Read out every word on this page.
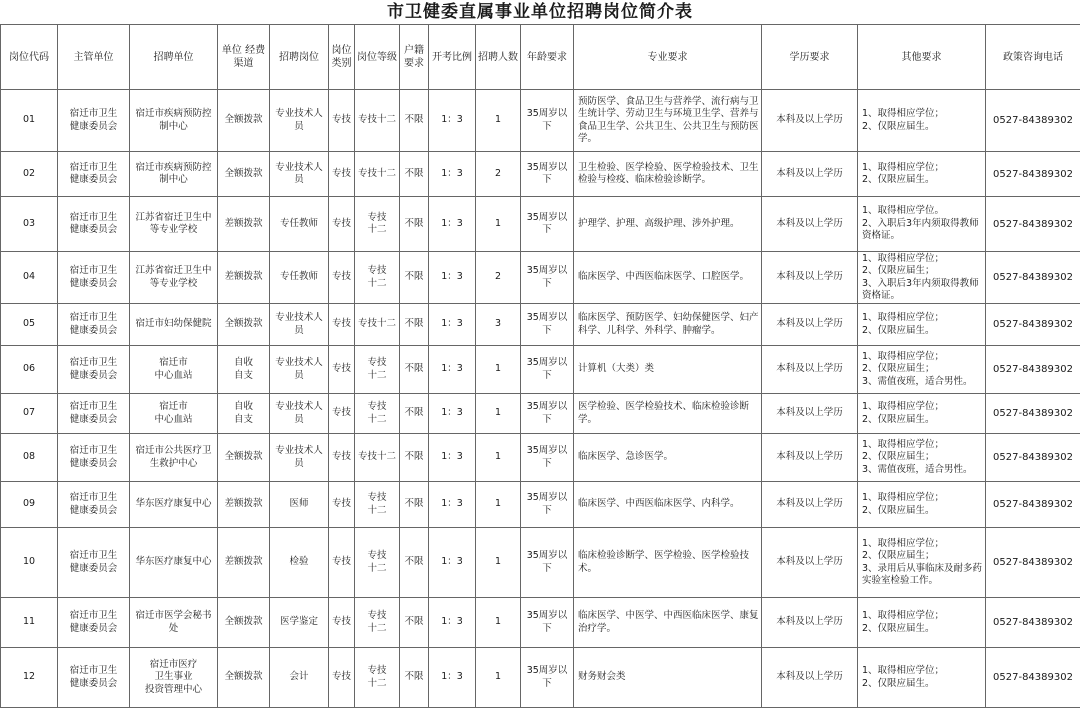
市卫健委直属事业单位招聘岗位简介表
岗位代码	主管单位	招聘单位	单位 经费渠道	招聘岗位	岗位 类别	岗位等级	户籍 要求	开考比例	招聘人数	年龄要求	专业要求	学历要求	其他要求	政策咨询电话
01	宿迁市卫生
健康委员会	宿迁市疾病预防控
制中心	全额拨款	专业技术人员	专技	专技十二	不限	1：3	1	35周岁以下	预防医学、食品卫生与营养学、流行病与卫生统计学、劳动卫生与环境卫生学、营养与食品卫生学、公共卫生、公共卫生与预防医学。	本科及以上学历	1、取得相应学位；
2、仅限应届生。	0527-84389302
02	宿迁市卫生
健康委员会	宿迁市疾病预防控
制中心	全额拨款	专业技术人员	专技	专技十二	不限	1：3	2	35周岁以下	卫生检验、医学检验、医学检验技术、卫生检验与检疫、临床检验诊断学。	本科及以上学历	1、取得相应学位；
2、仅限应届生。	0527-84389302
03	宿迁市卫生
健康委员会	江苏省宿迁卫生中
等专业学校	差额拨款	专任教师	专技	专技
十二	不限	1：3	1	35周岁以下	护理学、护理、高级护理、涉外护理。	本科及以上学历	1、取得相应学位。
2、入职后3年内须取得教师资格证。	0527-84389302
04	宿迁市卫生
健康委员会	江苏省宿迁卫生中
等专业学校	差额拨款	专任教师	专技	专技
十二	不限	1：3	2	35周岁以下	临床医学、中西医临床医学、口腔医学。	本科及以上学历	1、取得相应学位；
2、仅限应届生；
3、入职后3年内须取得教师资格证。	0527-84389302
05	宿迁市卫生
健康委员会	宿迁市妇幼保健院	全额拨款	专业技术人员	专技	专技十二	不限	1：3	3	35周岁以下	临床医学、预防医学、妇幼保健医学、妇产科学、儿科学、外科学、肿瘤学。	本科及以上学历	1、取得相应学位；
2、仅限应届生。	0527-84389302
06	宿迁市卫生
健康委员会	宿迁市
中心血站	自收
自支	专业技术人员	专技	专技
十二	不限	1：3	1	35周岁以下	计算机（大类）类	本科及以上学历	1、取得相应学位；
2、仅限应届生；
3、需值夜班，适合男性。	0527-84389302
07	宿迁市卫生
健康委员会	宿迁市
中心血站	自收
自支	专业技术人员	专技	专技
十二	不限	1：3	1	35周岁以下	医学检验、医学检验技术、临床检验诊断学。	本科及以上学历	1、取得相应学位；
2、仅限应届生。	0527-84389302
08	宿迁市卫生
健康委员会	宿迁市公共医疗卫
生救护中心	全额拨款	专业技术人员	专技	专技十二	不限	1：3	1	35周岁以下	临床医学、急诊医学。	本科及以上学历	1、取得相应学位；
2、仅限应届生；
3、需值夜班，适合男性。	0527-84389302
09	宿迁市卫生
健康委员会	华东医疗康复中心	差额拨款	医师	专技	专技
十二	不限	1：3	1	35周岁以下	临床医学、中西医临床医学、内科学。	本科及以上学历	1、取得相应学位；
2、仅限应届生。	0527-84389302
10	宿迁市卫生
健康委员会	华东医疗康复中心	差额拨款	检验	专技	专技
十二	不限	1：3	1	35周岁以下	临床检验诊断学、医学检验、医学检验技术。	本科及以上学历	1、取得相应学位；
2、仅限应届生；
3、录用后从事临床及耐多药实验室检验工作。	0527-84389302
11	宿迁市卫生
健康委员会	宿迁市医学会秘书
处	全额拨款	医学鉴定	专技	专技
十二	不限	1：3	1	35周岁以下	临床医学、中医学、中西医临床医学、康复治疗学。	本科及以上学历	1、取得相应学位；
2、仅限应届生。	0527-84389302
12	宿迁市卫生
健康委员会	宿迁市医疗
卫生事业
投资管理中心	全额拨款	会计	专技	专技
十二	不限	1：3	1	35周岁以下	财务财会类	本科及以上学历	1、取得相应学位；
2、仅限应届生。	0527-84389302
